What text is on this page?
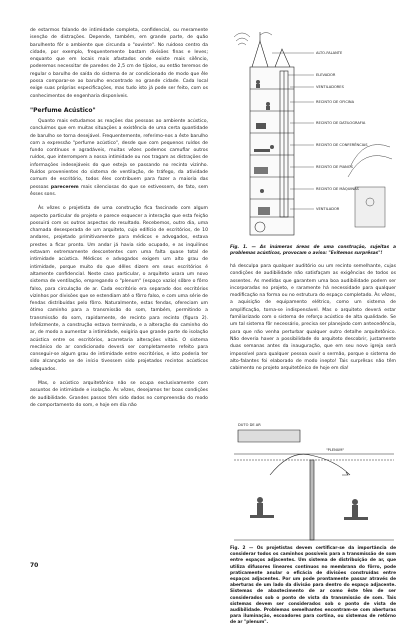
de estarmos falando de intimidade completa, confidencial, ou meramente isenção de distrações. Depende, também, em grande parte, de quão barulhento fôr o ambiente que circunda o "ouvinte". No ruidoso centro da cidade, por exemplo, frequentemente bastam divisões finas e leves; enquanto que em locais mais afastados onde existe mais silêncio, poderemos necessitar de paredes de 2,5 cm de tijolos, ou então teremos de regular o barulho de saída do sistema de ar condicionado de modo que êle possa comparar-se ao barulho encontrado no grande cidade. Cada local exige suas próprias especificações, mas tudo isto já pode ser feito, com os conhecimentos de engenharia disponíveis.

"Perfume Acústico"

Quanto mais estudamos as reações das pessoas ao ambiente acústico, concluímos que em muitas situações a existência de uma certa quantidade de barulho se torna desejável. Frequentemente, referimo-nos a êste barulho com a expressão "perfume acústico", desde que com pequenos ruídos de fundo contínuos e agradáveis, muitas vêzes podemos camuflar outros ruídos, que interrompem a nossa intimidade ou nos tragam as distrações de informações indesejáveis do que esteja se passando no recinto vizinho. Ruídos provenientes do sistema de ventilação, de tráfego, da atividade comum de escritório, todos êles contribuem para fazer a maioria das pessoas parecerem mais silenciosas do que se estivessem, de fato, sem êsses sons.

Às vêzes o projetista de uma construção fica fascinado com algum aspecto particular do projeto e parece esquecer a interação que esta feição possuirá com os outros aspectos do resultado. Recebemos, outro dia, uma chamada desesperada de um arquiteto, cujo edifício de escritórios, de 10 andares, projetado primitivamente para médicos e advogados, estava prestes a ficar pronto. Um andar já havia sido ocupado, e as inquilinos estavam extremamente descontentes com uma falta quase total de intimidade acústica. Médicos e advogados exigem um alto grau de intimidade, porque muito do que dêles dizem em seus escritórios é altamente confidencial. Neste caso particular, o arquiteto usara um novo sistema de ventilação, empregando o "plenum" (espaço vazio) sôbre o fôrro falso, para circulação de ar. Cada escritório era separado dos escritórios vizinhos por divisões que se estendiam até o fôrro falso, e com uma série de fendas distribuídas pelo fôrro. Naturalmente, estas fendas, ofereciam um ótimo caminho para a transmissão do som, também, permitindo a transmissão do som, rapidamente, de recinto para recinto (figura 2). Infelizmente, a construção estava terminada, e a alteração do caminho do ar, de modo a aumentar a intimidade, exigiria que grande parte do isolação acústica entre os escritórios, acarretaria alterações vitais. O sistema mecânico do ar condicionado deverá ser completamente refeito para conseguir-se algum grau de intimidade entre escritórios, e isto poderia ter sido alcançado se de início tivessem sido projetados recintos acústicos adequados.

Mas, o acústico arquitetônico não se ocupa exclusivamente com assuntos de intimidade e isolação. Às vêzes, desejamos ter boas condições de audibilidade. Grandes passos têm sido dados no compreensão do modo de comportamento do som, e hoje em dia não

ALTO-FALANTE
ELEVADOR
VENTILADORES
RECINTO DE OFICINA
RECINTO DE DATILOGRAFIA
RECINTO DE CONFERÊNCIAS
RECINTO DE PIANOS
RECINTO DE MÁQUINAS
VENTILADOR

Fig. 1. — As inúmeras áreas de uma construção, sujeitas a problemas acústicos, provocam o aviso: "Evitemos surprêsas"!

há desculpa para qualquer auditório ou um recinto semelhante, cujas condições de audibilidade não satisfaçam as exigências de todos os assentes. As medidas que garantem uma boa audibilidade podem ser incorporadas no projeto, e raramente há necessidade para qualquer modificação na forma ou no estrutura do espaço completado. Às vêzes, a aquisição de equipamento elétrico, como um sistema de amplificação, torna-se indispensável. Mas o arquiteto deverá estar familiarizado com o sistema de reforço acústico de alta qualidade. Se um tal sistema fôr necessário, precisa ser planejado com antecedência, para que não venha perturbar qualquer outro detalhe arquitetônico. Não deveria haver a possibilidade do arquiteto descobrir, justamente duas semanas antes da inauguração, que em seu novo igreja será impossível para qualquer pessoa ouvir o sermão, porque o sistema de alto-falantes foi elaborado de modo inepto! Tais surprêsas não têm cabimento no projeto arquitetônico de hoje em dia!

DUTO DE AR
"PLENUM"

Fig. 2 — Os projetistas devem certificar-se da importância de considerar todos os caminhos possíveis para a transmissão de som entre espaços adjacentes. Um sistema de distribuição de ar, que utiliza difusores lineares contínuos no membrana do fôrro, pode praticamente anular o eficácia de divisões construídas entre espaços adjacentes. Por um pode prontamente passar através de aberturas de um lado da divisão para dentro do espaço adjacente. Sistemas de abastecimento de ar como êste têm de ser considerados sob o ponto de vista da transmissão de som. Tais sistemas devem ser considerados sob o ponto de vista de audibilidade. Problemas semelhantes encontram-se com aberturas para iluminação, escoadores para cortina, ou sistemas de retôrno de ar "plenum".

70
